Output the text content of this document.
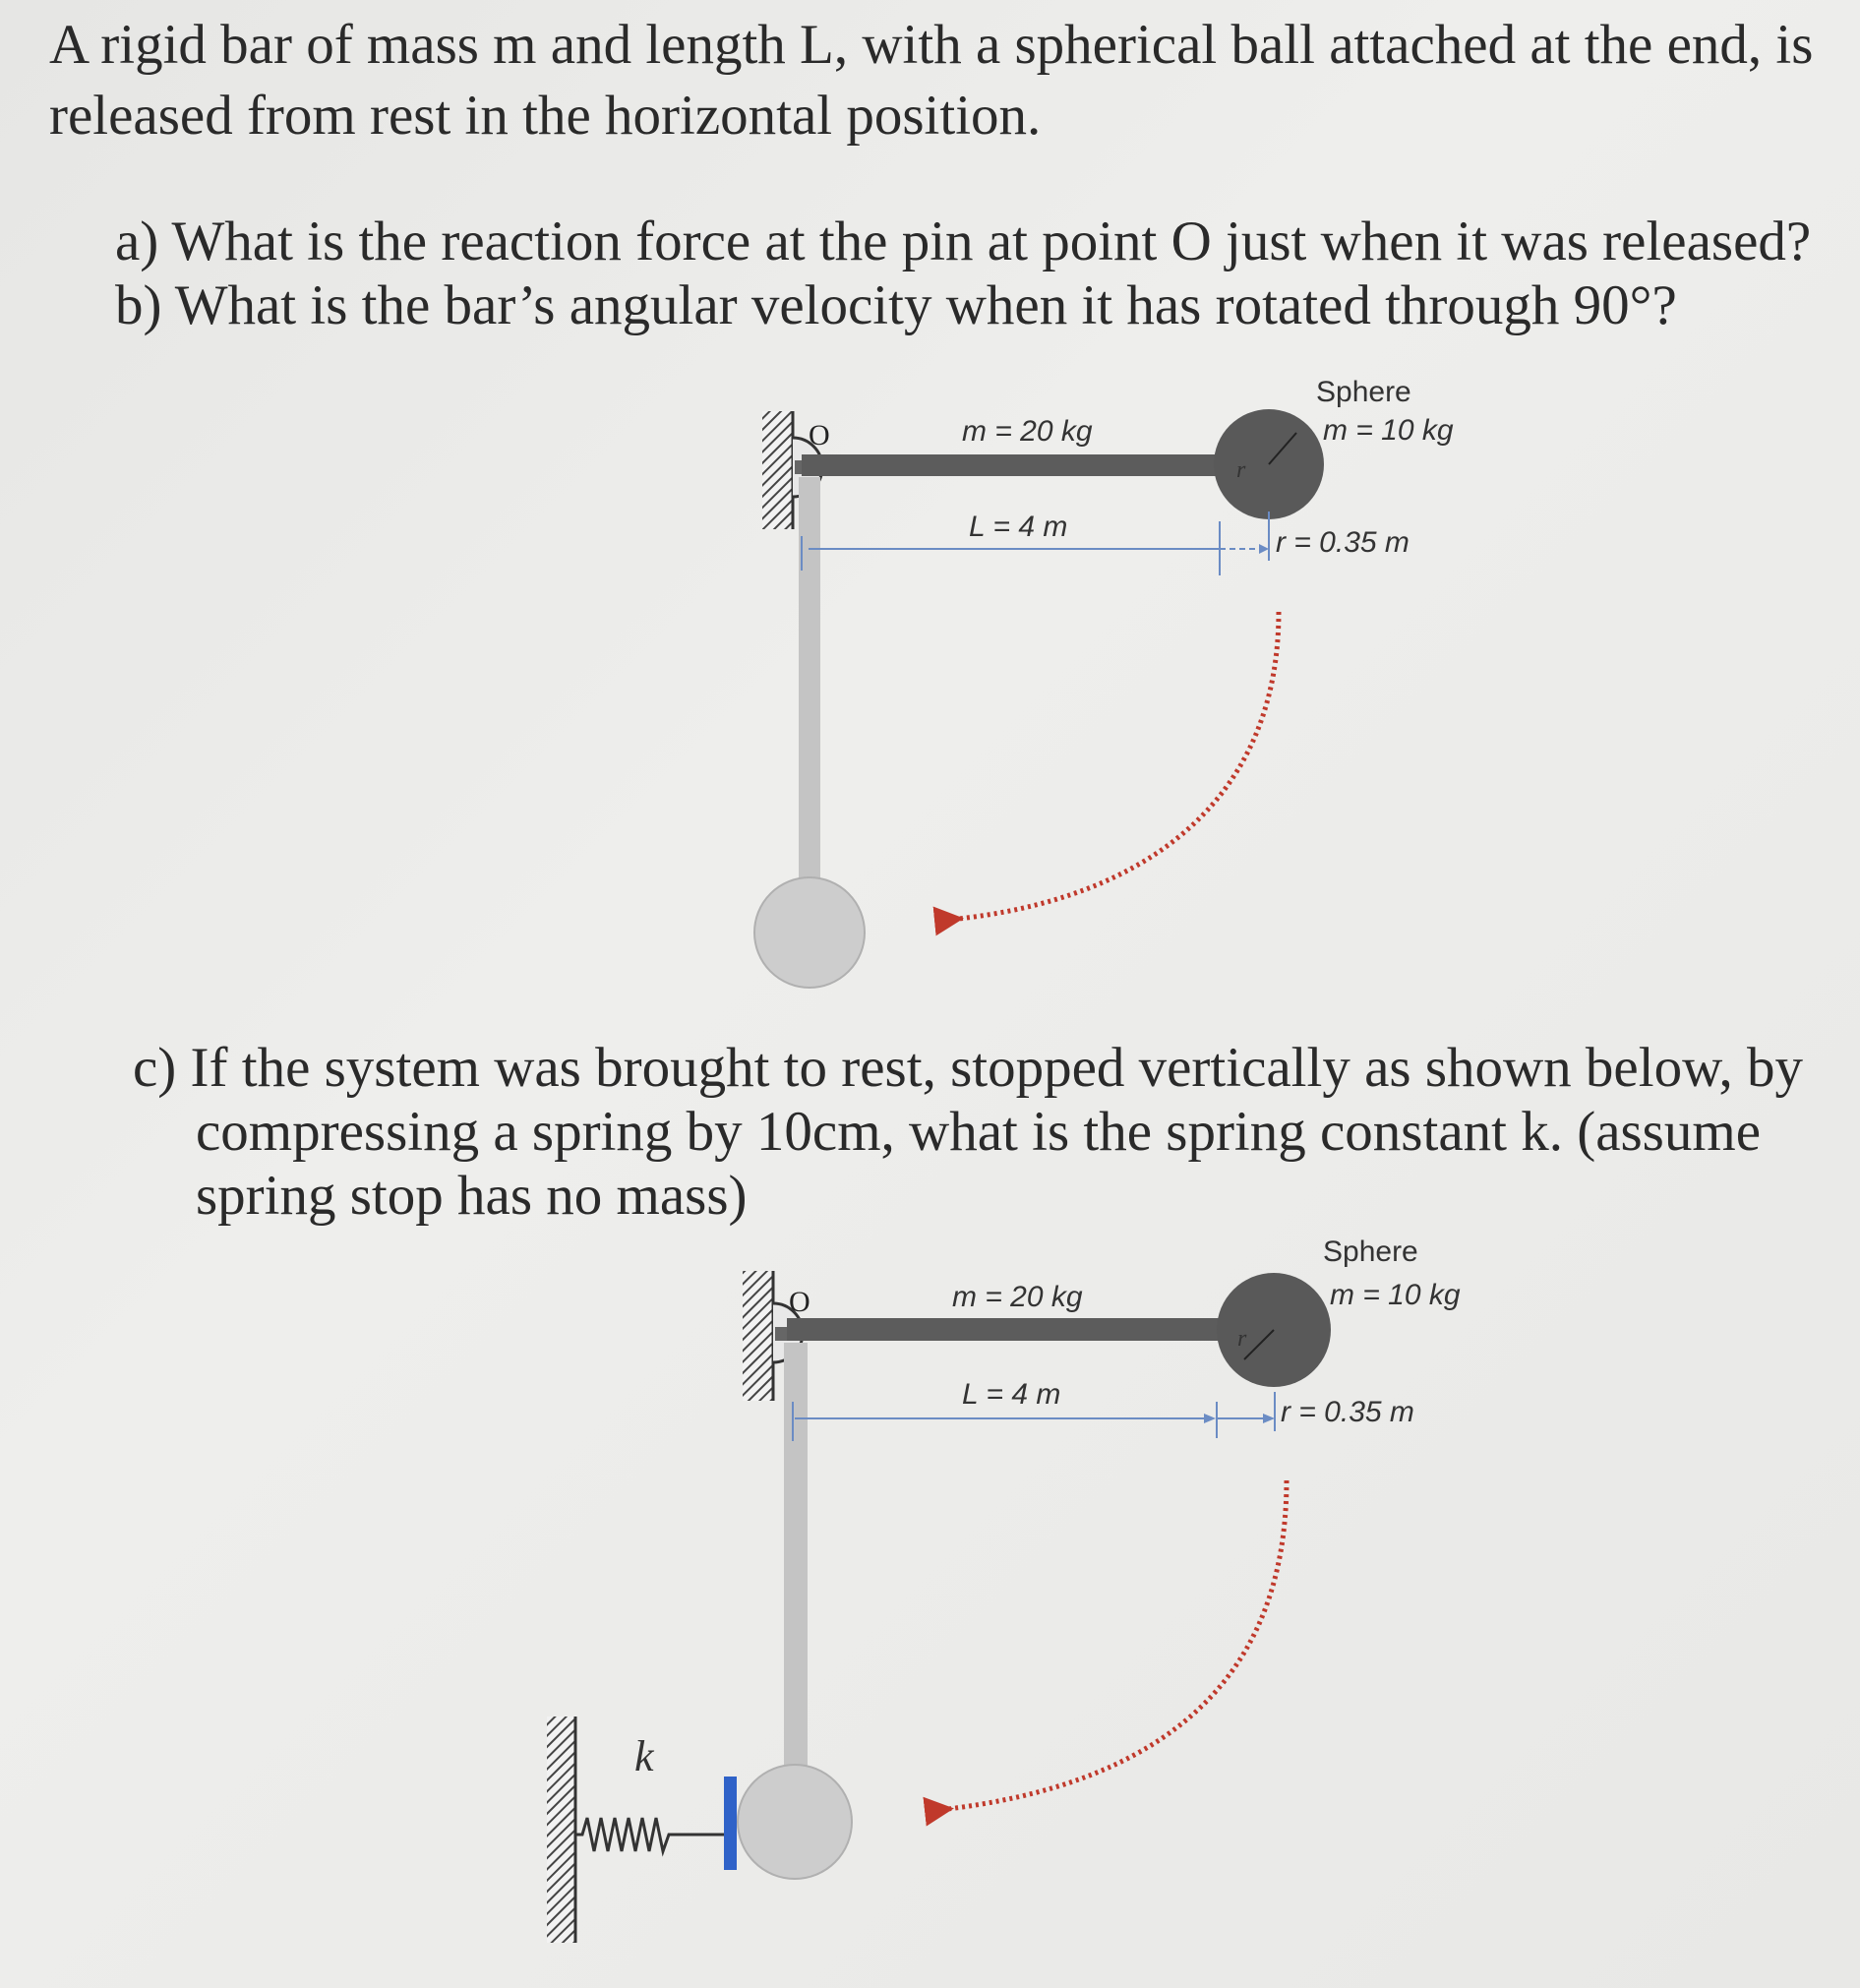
A rigid bar of mass m and length L, with a spherical ball attached at the end, is

released from rest in the horizontal position.

a) What is the reaction force at the pin at point O just when it was released?

b) What is the bar’s angular velocity when it has rotated through 90°?

O	m = 20 kg
L = 4 m
Sphere
m = 10 kg
r
r = 0.35 m

c) If the system was brought to rest, stopped vertically as shown below, by

compressing a spring by 10cm, what is the spring constant k. (assume

spring stop has no mass)

O	m = 20 kg
L = 4 m
Sphere
m = 10 kg
r
r = 0.35 m
k
